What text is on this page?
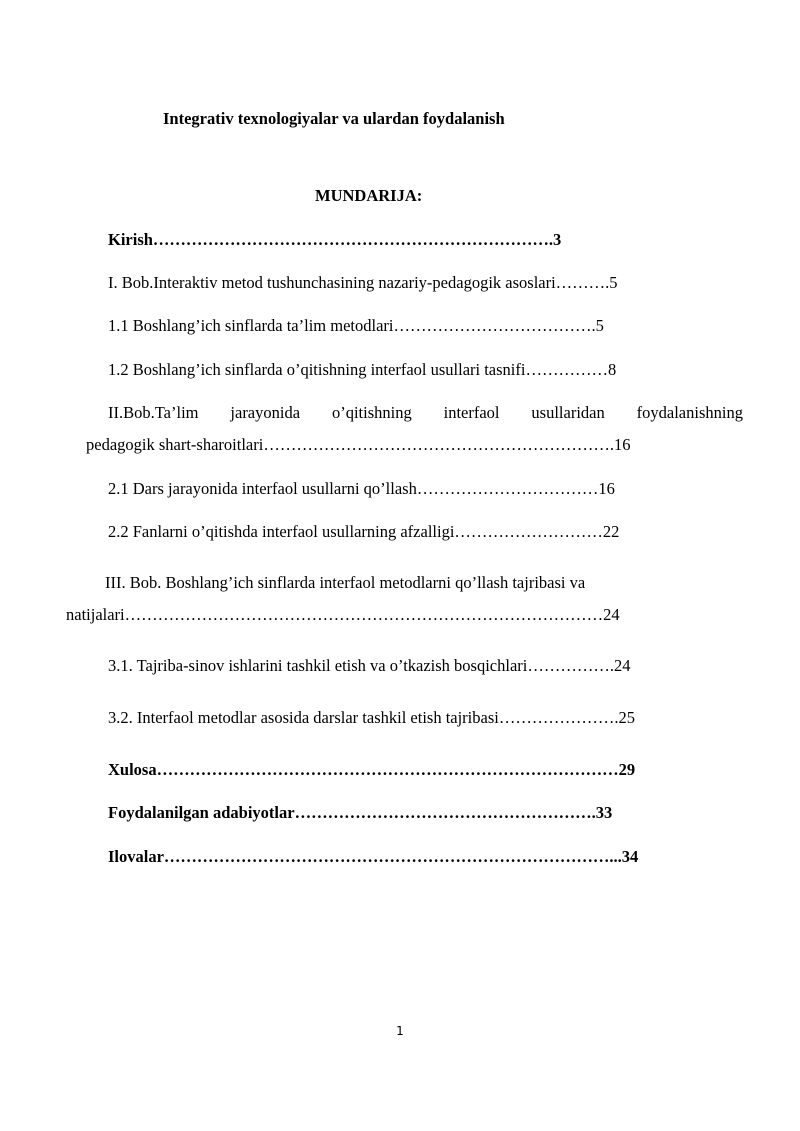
Integrativ texnologiyalar va ulardan foydalanish
MUNDARIJA:
Kirish……………………………………………………………….3
I. Bob.Interaktiv metod tushunchasining nazariy-pedagogik asoslari……….5
1.1 Boshlang’ich sinflarda ta’lim metodlari……………………………….5
1.2 Boshlang’ich sinflarda o’qitishning interfaol usullari tasnifi……………8
II.Bob.Ta’lim jarayonida o’qitishning interfaol usullaridan foydalanishning
pedagogik shart-sharoitlari……………………………………………………….16
2.1 Dars jarayonida interfaol usullarni qo’llash……………………………16
2.2 Fanlarni o’qitishda interfaol usullarning afzalligi………………………22
III. Bob. Boshlang’ich sinflarda interfaol metodlarni qo’llash tajribasi va
natijalari……………………………………………………………………………24
3.1. Tajriba-sinov ishlarini tashkil etish va o’tkazish bosqichlari…………….24
3.2. Interfaol metodlar asosida darslar tashkil etish tajribasi………………….25
Xulosa…………………………………………………………………………29
Foydalanilgan adabiyotlar……………………………………………….33
Ilovalar………………………………………………………………………...34
1
